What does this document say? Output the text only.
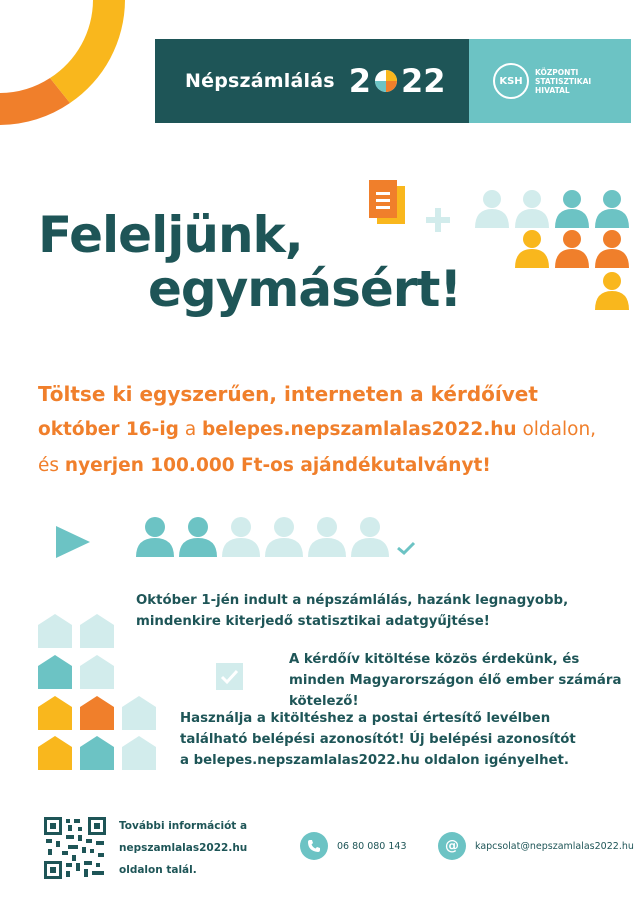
Népszámlálás 2 2 2	KSH
KÖZPONTI
STATISZTIKAI
HIVATAL
Feleljünk,
egymásért!
Töltse ki egyszerűen, interneten a kérdőívet
október 16-ig a belepes.nepszamlalas2022.hu oldalon,
és nyerjen 100.000 Ft-os ajándékutalványt!
Október 1-jén indult a népszámlálás, hazánk legnagyobb, mindenkire kiterjedő statisztikai adatgyűjtése!
A kérdőív kitöltése közös érdekünk, és minden Magyarországon élő ember számára kötelező!
Használja a kitöltéshez a postai értesítő levélben található belépési azonosítót! Új belépési azonosítót a belepes.nepszamlalas2022.hu oldalon igényelhet.
További információt a
nepszamlalas2022.hu
oldalon talál.
06 80 080 143	@	kapcsolat@nepszamlalas2022.hu
